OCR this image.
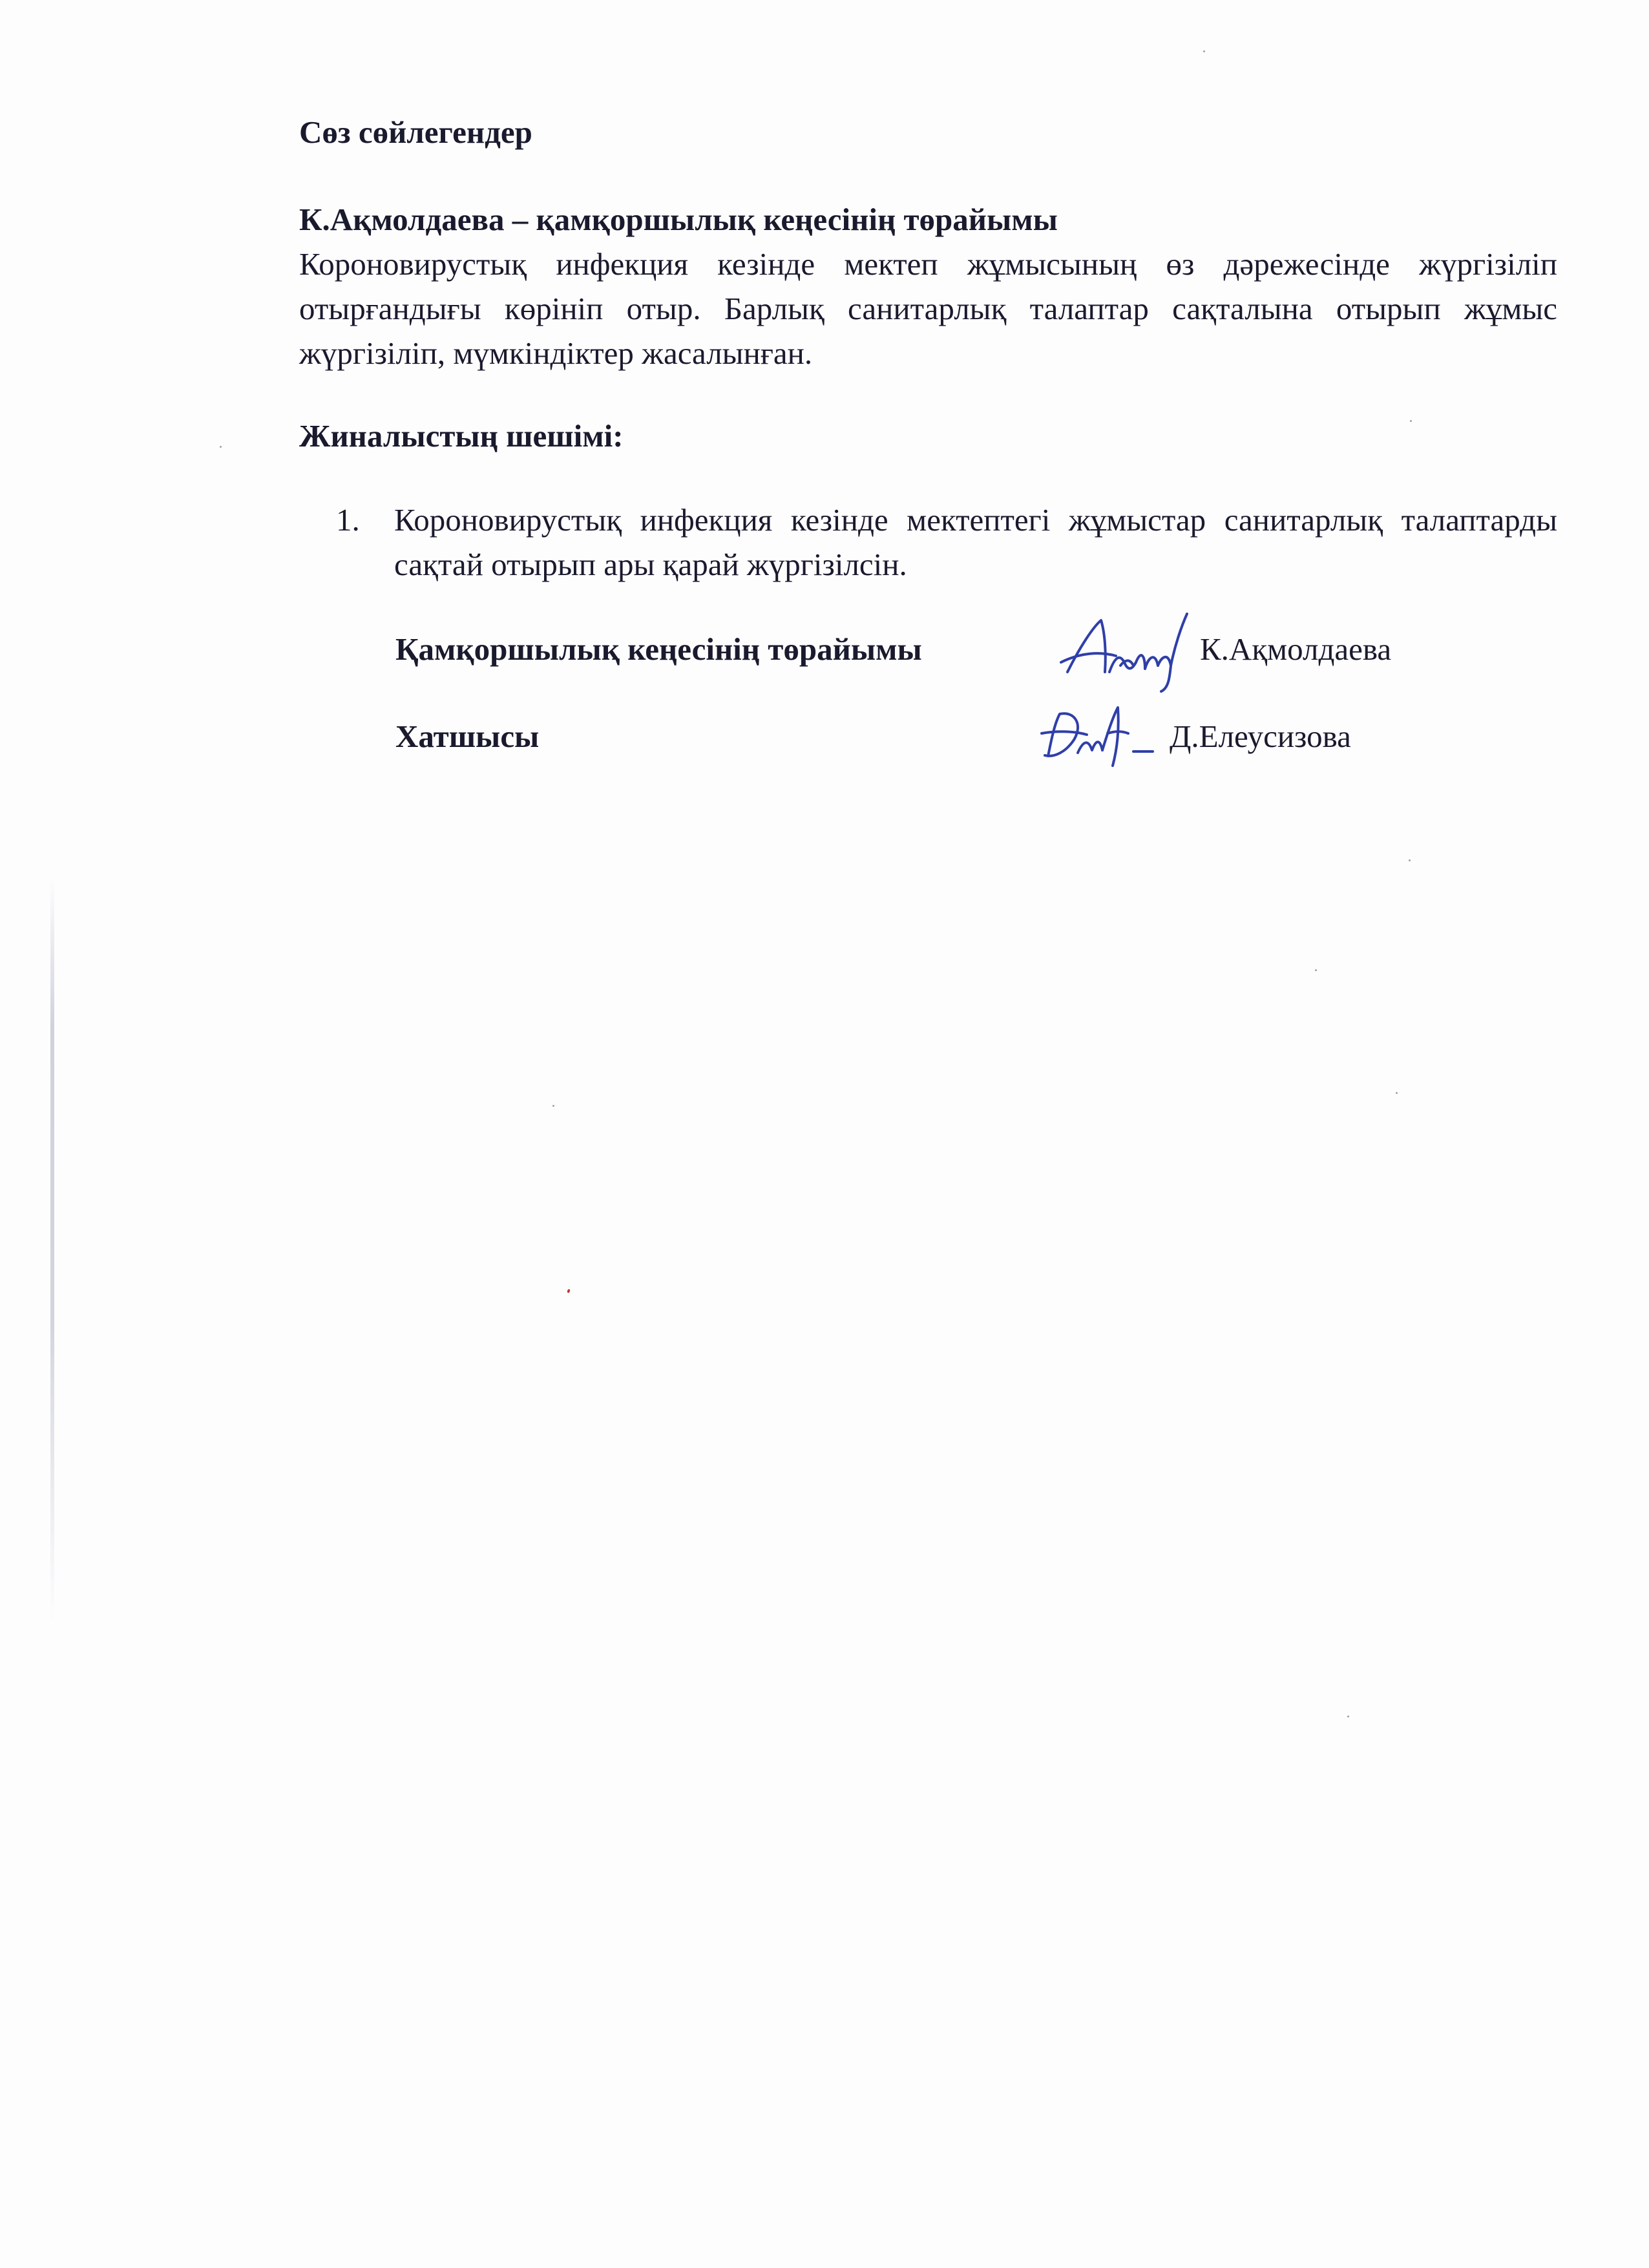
Сөз сөйлегендер
К.Ақмолдаева – қамқоршылық кеңесінің төрайымы
Короновирустық инфекция кезінде мектеп жұмысының өз дәрежесінде жүргізіліп отырғандығы көрініп отыр. Барлық санитарлық талаптар сақталына отырып жұмыс жүргізіліп, мүмкіндіктер жасалынған.
Жиналыстың шешімі:
1. Короновирустық инфекция кезінде мектептегі жұмыстар санитарлық талаптарды сақтай отырып ары қарай жүргізілсін.
Қамқоршылық кеңесінің төрайымы	К.Ақмолдаева
Хатшысы	Д.Елеусизова
